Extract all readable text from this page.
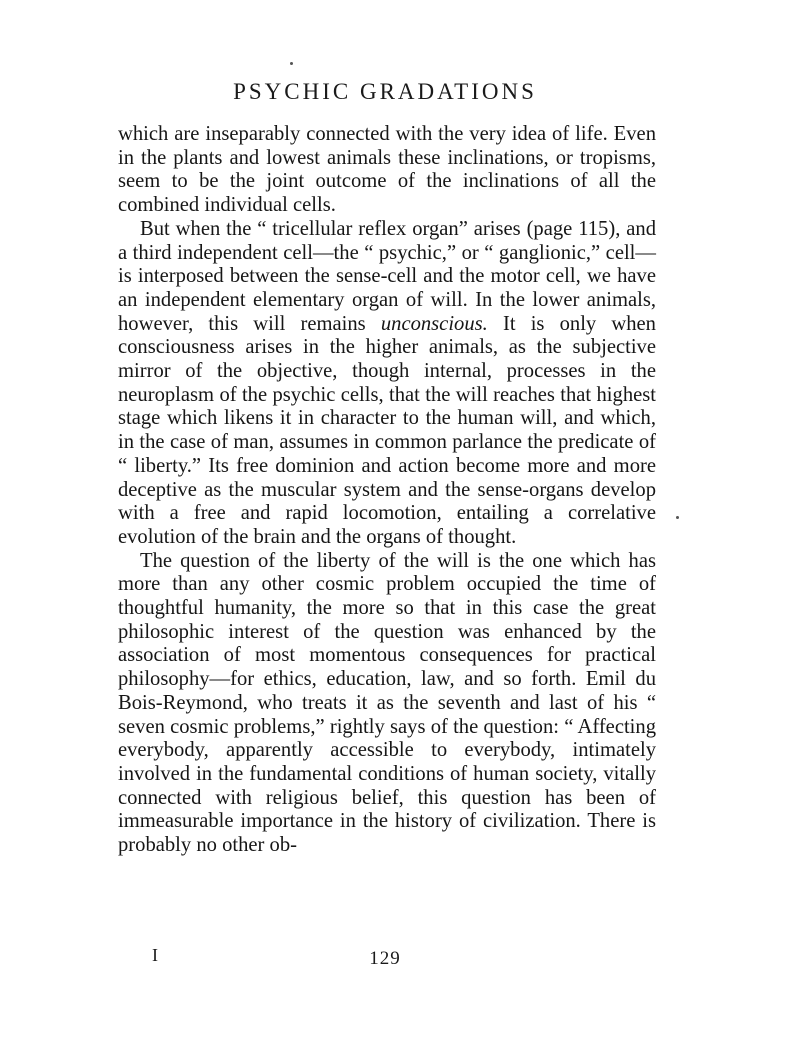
PSYCHIC GRADATIONS

which are inseparably connected with the very idea of life. Even in the plants and lowest animals these inclinations, or tropisms, seem to be the joint outcome of the inclinations of all the combined individual cells.

But when the “ tricellular reflex organ” arises (page 115), and a third independent cell—the “ psychic,” or “ ganglionic,” cell—is interposed between the sense-cell and the motor cell, we have an independent elementary organ of will. In the lower animals, however, this will remains unconscious. It is only when consciousness arises in the higher animals, as the subjective mirror of the objective, though internal, processes in the neuroplasm of the psychic cells, that the will reaches that highest stage which likens it in character to the human will, and which, in the case of man, assumes in common parlance the predicate of “ liberty.” Its free dominion and action become more and more deceptive as the muscular system and the sense-organs develop with a free and rapid locomotion, entailing a correlative evolution of the brain and the organs of thought.

The question of the liberty of the will is the one which has more than any other cosmic problem occupied the time of thoughtful humanity, the more so that in this case the great philosophic interest of the question was enhanced by the association of most momentous consequences for practical philosophy—for ethics, education, law, and so forth. Emil du Bois-Reymond, who treats it as the seventh and last of his “ seven cosmic problems,” rightly says of the question: “ Affecting everybody, apparently accessible to everybody, intimately involved in the fundamental conditions of human society, vitally connected with religious belief, this question has been of immeasurable importance in the history of civilization. There is probably no other ob-

I	129
